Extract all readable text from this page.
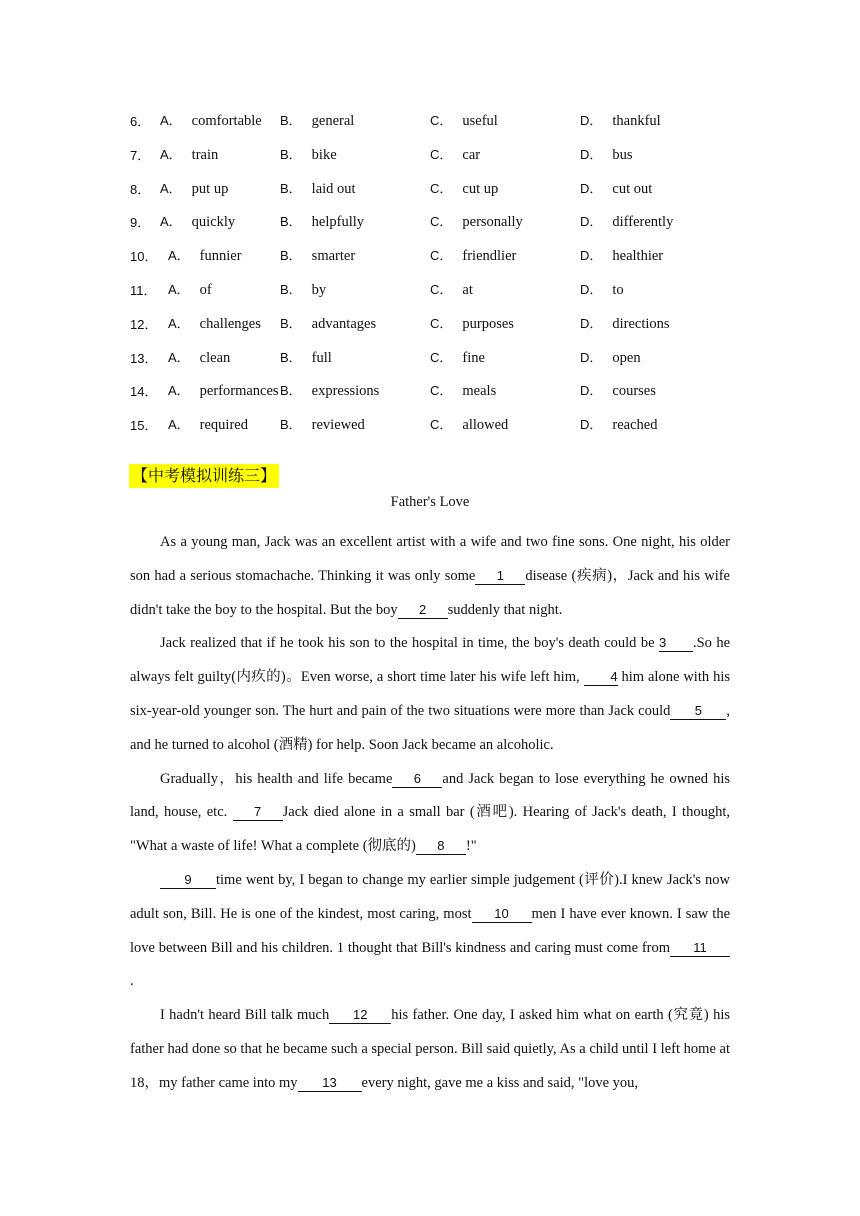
6． A． comfortable B． general	C． useful	D． thankful
7． A． train	B． bike	C． car	D． bus
8． A． put up	B． laid out	C． cut up	D． cut out
9． A． quickly	B． helpfully	C． personally	D． differently
10． A． funnier	B． smarter	C． friendlier	D． healthier
11． A． of	B． by	C． at	D． to
12． A． challenges B． advantages	C． purposes	D． directions
13． A． clean	B． full	C． fine	D． open
14． A． performances B． expressions	C． meals	D． courses
15． A． required B． reviewed	C． allowed	D． reached
【中考模拟训练三】
Father's Love

As a young man, Jack was an excellent artist with a wife and two fine sons. One night, his older son had a serious stomachache. Thinking it was only some 1 disease (疾病)，Jack and his wife didn't take the boy to the hospital. But the boy 2 suddenly that night.

Jack realized that if he took his son to the hospital in time, the boy's death could be 3 .So he always felt guilty(内疚的)。Even worse, a short time later his wife left him, 4 him alone with his six-year-old younger son. The hurt and pain of the two situations were more than Jack could 5 , and he turned to alcohol (酒精) for help. Soon Jack became an alcoholic.

Gradually，his health and life became 6 and Jack began to lose everything he owned his land, house, etc. 7 Jack died alone in a small bar (酒吧). Hearing of Jack's death, I thought, "What a waste of life! What a complete (彻底的) 8 !"

9 time went by, I began to change my earlier simple judgement (评价).I knew Jack's now adult son, Bill. He is one of the kindest, most caring, most 10 men I have ever known. I saw the love between Bill and his children. 1 thought that Bill's kindness and caring must come from 11.

I hadn't heard Bill talk much 12 his father. One day, I asked him what on earth (究竟) his father had done so that he became such a special person. Bill said quietly, As a child until I left home at 18，my father came into my 13 every night, gave me a kiss and said, "love you,
